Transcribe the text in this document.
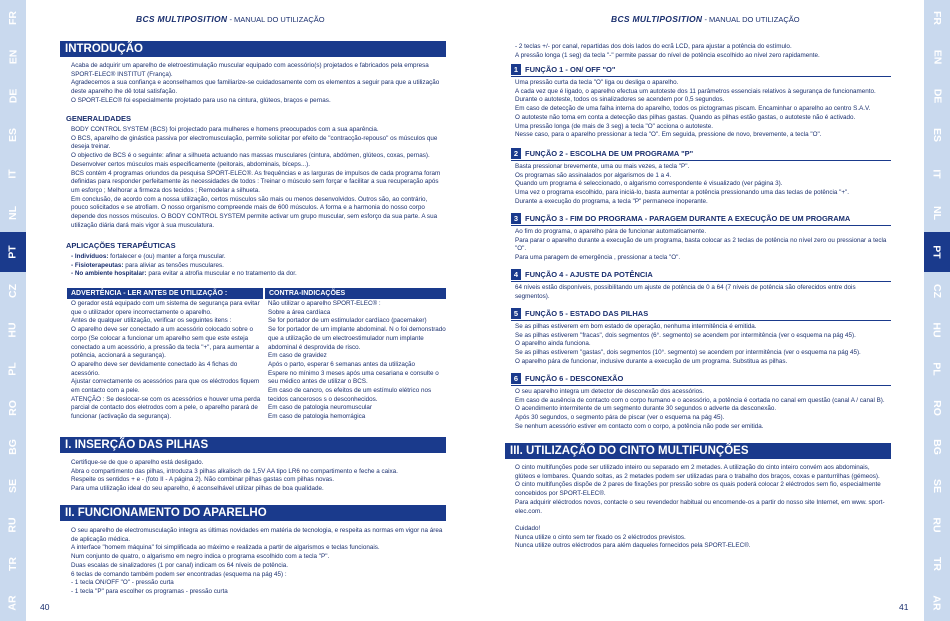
FR
EN
DE
ES
IT
NL
PT
CZ
HU
PL
RO
BG
SE
RU
TR
AR
FR
EN
DE
ES
IT
NL
PT
CZ
HU
PL
RO
BG
SE
RU
TR
AR
BCS MULTIPOSITION - MANUAL DO UTILIZAÇÃO
INTRODUÇÃO

Acaba de adquirir um aparelho de eletroestimulação muscular equipado com acessório(s) projetados e fabricados pela empresa SPORT-ELEC® INSTITUT (França).

Agradecemos a sua confiança e aconselhamos que familiarize-se cuidadosamente com os elementos a seguir para que a utilização deste aparelho lhe dê total satisfação.

O SPORT-ELEC® foi especialmente projetado para uso na cintura, glúteos, braços e pernas.

GENERALIDADES

BODY CONTROL SYSTEM (BCS) foi projectado para mulheres e homens preocupados com a sua aparência.

O BCS, aparelho de ginástica passiva por electromusculação, permite solicitar por efeito de "contracção-repouso" os músculos que deseja treinar.

O objectivo de BCS é o seguinte: afinar a silhueta actuando nas massas musculares (cintura, abdómen, glúteos, coxas, pernas). Desenvolver certos músculos mais especificamente (peitorais, abdominais, bíceps...).

BCS contém 4 programas oriundos da pesquisa SPORT-ELEC®. As frequências e as larguras de impulsos de cada programa foram definidas para responder perfeitamente às necessidades de todos : Treinar o músculo sem forçar e facilitar a sua recuperação após um esforço ; Melhorar a firmeza dos tecidos ; Remodelar a silhueta.

Em conclusão, de acordo com a nossa utilização, certos músculos são mais ou menos desenvolvidos. Outros são, ao contrário, pouco solicitados e se atrofiam. O nosso organismo compreende mais de 600 músculos. A forma e a harmonia do nosso corpo depende dos nossos músculos. O BODY CONTROL SYSTEM permite activar um grupo muscular, sem esforço da sua parte. A sua utilização diária dará mais vigor à sua musculatura.

APLICAÇÕES TERAPÊUTICAS

- Indivíduos: fortalecer e (ou) manter a força muscular.

- Fisioterapeutas: para aliviar as tensões musculares.

- No ambiente hospitalar: para evitar a atrofia muscular e no tratamento da dor.

ADVERTÊNCIA - LER ANTES DE UTILIZAÇÃO :

O gerador está equipado com um sistema de segurança para evitar que o utilizador opere incorrectamente o aparelho.

Antes de qualquer utilização, verificar os seguintes itens :

O aparelho deve ser conectado a um acessório colocado sobre o corpo (Se colocar a funcionar um aparelho sem que este esteja conectado a um acessório, a pressão da tecla "+", para aumentar a potência, accionará a segurança).

O aparelho deve ser devidamente conectado às 4 fichas do acessório.

Ajustar correctamente os acessórios para que os eléctrodos fiquem em contacto com a pele.

ATENÇÃO : Se deslocar-se com os acessórios e houver uma perda parcial de contacto dos eletrodos com a pele, o aparelho parará de funcionar (activação da segurança).

CONTRA-INDICAÇÕES

Não utilizar o aparelho SPORT-ELEC® :

Sobre a área cardíaca

Se for portador de um estimulador cardíaco (pacemaker)

Se for portador de um implante abdominal. N o foi demonstrado que a utilização de um electroestimulador num implante abdominal é desprovida de risco.

Em caso de gravidez

Após o parto, esperar 6 semanas antes da utilização

Espere no mínimo 3 meses após uma cesariana e consulte o seu médico antes de utilizar o BCS.

Em caso de cancro, os efeitos de um estímulo elétrico nos tecidos cancerosos s o desconhecidos.

Em caso de patologia neuromuscular

Em caso de patologia hemorrágica

I. INSERÇÃO DAS PILHAS

Certifique-se de que o aparelho está desligado.

Abra o compartimento das pilhas, introduza 3 pilhas alkalisch de 1,5V AA tipo LR6 no compartimento e feche a caixa.

Respeite os sentidos + e - (foto II - A página 2). Não combinar pilhas gastas com pilhas novas.

Para uma utilização ideal do seu aparelho, é aconselhável utilizar pilhas de boa qualidade.

II. FUNCIONAMENTO DO APARELHO

O seu aparelho de electromusculação integra as últimas novidades em matéria de tecnologia, e respeita as normas em vigor na área de aplicação médica.

A interface "homem máquina" foi simplificada ao máximo e realizada a partir de algarismos e teclas funcionais.

Num conjunto de quatro, o algarismo em negro indica o programa escolhido com a tecla "P".

Duas escalas de sinalizadores (1 por canal) indicam os 64 níveis de potência.

6 teclas de comando também podem ser encontradas (esquema na pág 45) :

- 1 tecla ON/OFF "O" - pressão curta

- 1 tecla "P" para escolher os programas - pressão curta

40
BCS MULTIPOSITION - MANUAL DO UTILIZAÇÃO

- 2 teclas +/- por canal, repartidas dos dois lados do ecrã LCD, para ajustar a potência do estímulo.

A pressão longa (1 seg) da tecla "-" permite passar do nível de potência escolhido ao nível zero rapidamente.

1 FUNÇÃO 1 - ON/ OFF "O"

Uma pressão curta da tecla "O" liga ou desliga o aparelho.

A cada vez que é ligado, o aparelho efectua um autoteste dos 11 parâmetros essenciais relativos à segurança de funcionamento.

Durante o autoteste, todos os sinalizadores se acendem por 0,5 segundos.

Em caso de detecção de uma falha interna do aparelho, todos os pictogramas piscam. Encaminhar o aparelho ao centro S.A.V.

O autoteste não toma em conta a detecção das pilhas gastas. Quando as pilhas estão gastas, o autoteste não é activado.

Uma pressão longa (de mais de 3 seg) a tecla "O" acciona o autoteste.

Nesse caso, para o aparelho pressionar a tecla "O". Em seguida, pressione de novo, brevemente, a tecla "O".

2 FUNÇÃO 2 - ESCOLHA DE UM PROGRAMA "P"

Basta pressionar brevemente, uma ou mais vezes, a tecla "P".

Os programas são assinalados por algarismos de 1 a 4.

Quando um programa é seleccionado, o algarismo correspondente é visualizado (ver página 3).

Uma vez o programa escolhido, para iniciá-lo, basta aumentar a potência pressionando uma das teclas de potência "+".

Durante a execução do programa, a tecla "P" permanece inoperante.

3 FUNÇÃO 3 - FIM DO PROGRAMA - PARAGEM DURANTE A EXECUÇÃO DE UM PROGRAMA

Ao fim do programa, o aparelho pára de funcionar automaticamente.

Para parar o aparelho durante a execução de um programa, basta colocar as 2 teclas de potência no nível zero ou pressionar a tecla "O".

Para uma paragem de emergência , pressionar a tecla "O".

4 FUNÇÃO 4 - AJUSTE DA POTÊNCIA

64 níveis estão disponíveis, possibilitando um ajuste de potência de 0 a 64 (7 níveis de potência são oferecidos entre dois segmentos).

5 FUNÇÃO 5 - ESTADO DAS PILHAS

Se as pilhas estiverem em bom estado de operação, nenhuma intermitência é emitida.

Se as pilhas estiverem "fracas", dois segmentos (6°. segmento) se acendem por intermitência (ver o esquema na pág 45).

O aparelho ainda funciona.

Se as pilhas estiverem "gastas", dois segmentos (10°. segmento) se acendem por intermitência (ver o esquema na pág 45).

O aparelho pára de funcionar, inclusive durante a execução de um programa. Substitua as pilhas.

6 FUNÇÃO 6 - DESCONEXÃO

O seu aparelho integra um detector de desconexão dos acessórios.

Em caso de ausência de contacto com o corpo humano e o acessório, a potência é cortada no canal em questão (canal A / canal B).

O acendimento intermitente de um segmento durante 30 segundos o adverte da desconexão.

Após 30 segundos, o segmento pára de piscar (ver o esquema na pág 45).

Se nenhum acessório estiver em contacto com o corpo, a potência não pode ser emitida.

III. UTILIZAÇÃO DO CINTO MULTIFUNÇÕES

O cinto multifunções pode ser utilizado inteiro ou separado em 2 metades. A utilização do cinto inteiro convém aos abdominais, glúteos e lombares. Quando soltas, as 2 metades podem ser utilizadas para o trabalho dos braços, coxas e panturrilhas (gémeos).

O cinto multifunções dispõe de 2 pares de fixações por pressão sobre os quais poderá colocar 2 eléctrodos sem fio, especialmente concebidos por SPORT-ELEC®.

Para adquirir eléctrodos novos, contacte o seu revendedor habitual ou encomende-os a partir do nosso site Internet, em www. sport-elec.com.

Cuidado!

Nunca utilize o cinto sem ter fixado os 2 eléctrodos previstos.

Nunca utilize outros eléctrodos para além daqueles fornecidos pela SPORT-ELEC®.

41
